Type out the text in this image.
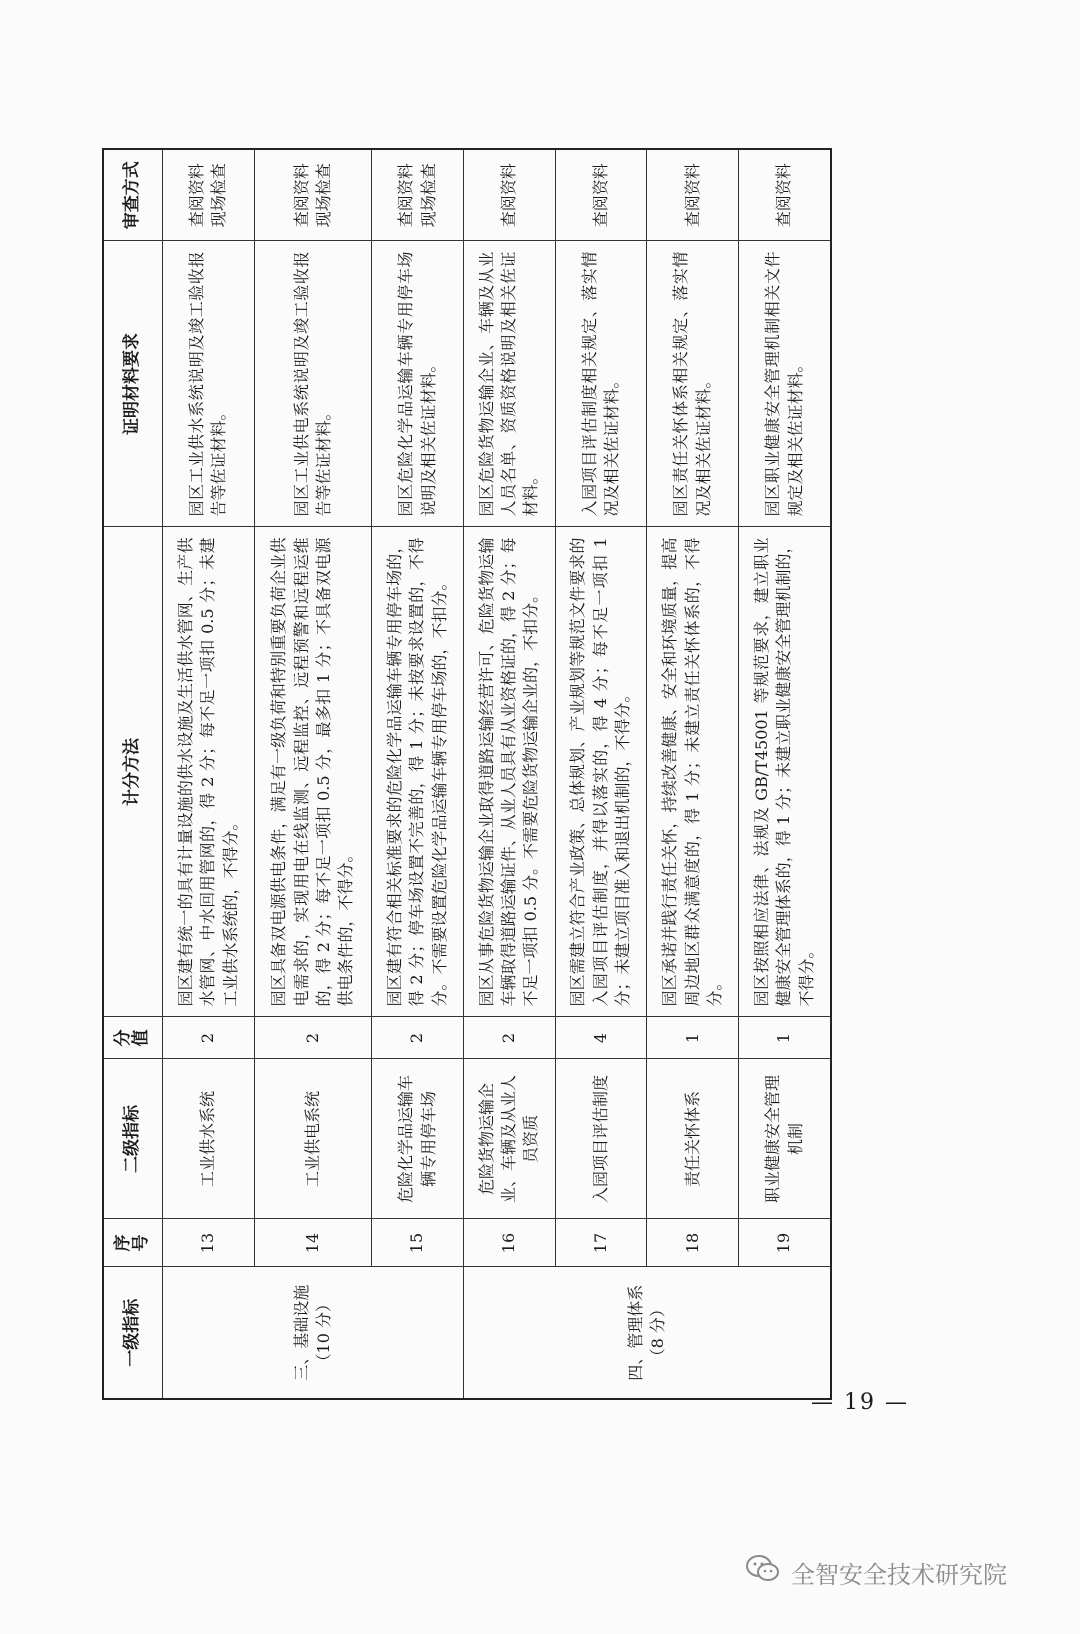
一级指标	序号	二级指标	分值	计分方法	证明材料要求	审查方式
三、基础设施（10 分）	13	工业供水系统	2	园区建有统一的具有计量设施的供水设施及生活供水管网、生产供水管网、中水回用管网的，得 2 分；每不足一项扣 0.5 分；未建工业供水系统的，不得分。	园区工业供水系统说明及竣工验收报告等佐证材料。	查阅资料 现场检查
	14	工业供电系统	2	园区具备双电源供电条件，满足有一级负荷和特别重要负荷企业供电需求的，实现用电在线监测、远程监控、远程预警和远程运维的，得 2 分；每不足一项扣 0.5 分，最多扣 1 分；不具备双电源供电条件的，不得分。	园区工业供电系统说明及竣工验收报告等佐证材料。	查阅资料 现场检查
	15	危险化学品运输车辆专用停车场	2	园区建有符合相关标准要求的危险化学品运输车辆专用停车场的，得 2 分；停车场设置不完善的，得 1 分；未按要求设置的，不得分。不需要设置危险化学品运输车辆专用停车场的，不扣分。	园区危险化学品运输车辆专用停车场说明及相关佐证材料。	查阅资料 现场检查
四、管理体系（8 分）	16	危险货物运输企业、车辆及从业人员资质	2	园区从事危险货物运输企业取得道路运输经营许可、危险货物运输车辆取得道路运输证件、从业人员具有从业资格证的，得 2 分；每不足一项扣 0.5 分。不需要危险货物运输企业的，不扣分。	园区危险货物运输企业、车辆及从业人员名单、资质资格说明及相关佐证材料。	查阅资料
	17	入园项目评估制度	4	园区需建立符合产业政策、总体规划、产业规划等规范文件要求的入园项目评估制度，并得以落实的，得 4 分；每不足一项扣 1 分；未建立项目准入和退出机制的，不得分。	入园项目评估制度相关规定、落实情况及相关佐证材料。	查阅资料
	18	责任关怀体系	1	园区承诺并践行责任关怀，持续改善健康、安全和环境质量，提高周边地区群众满意度的，得 1 分；未建立责任关怀体系的，不得分。	园区责任关怀体系相关规定、落实情况及相关佐证材料。	查阅资料
	19	职业健康安全管理机制	1	园区按照相应法律、法规及 GB/T45001 等规范要求，建立职业健康安全管理体系的，得 1 分；未建立职业健康安全管理机制的，不得分。	园区职业健康安全管理机制相关文件规定及相关佐证材料。	查阅资料
— 19 —
全智安全技术研究院
